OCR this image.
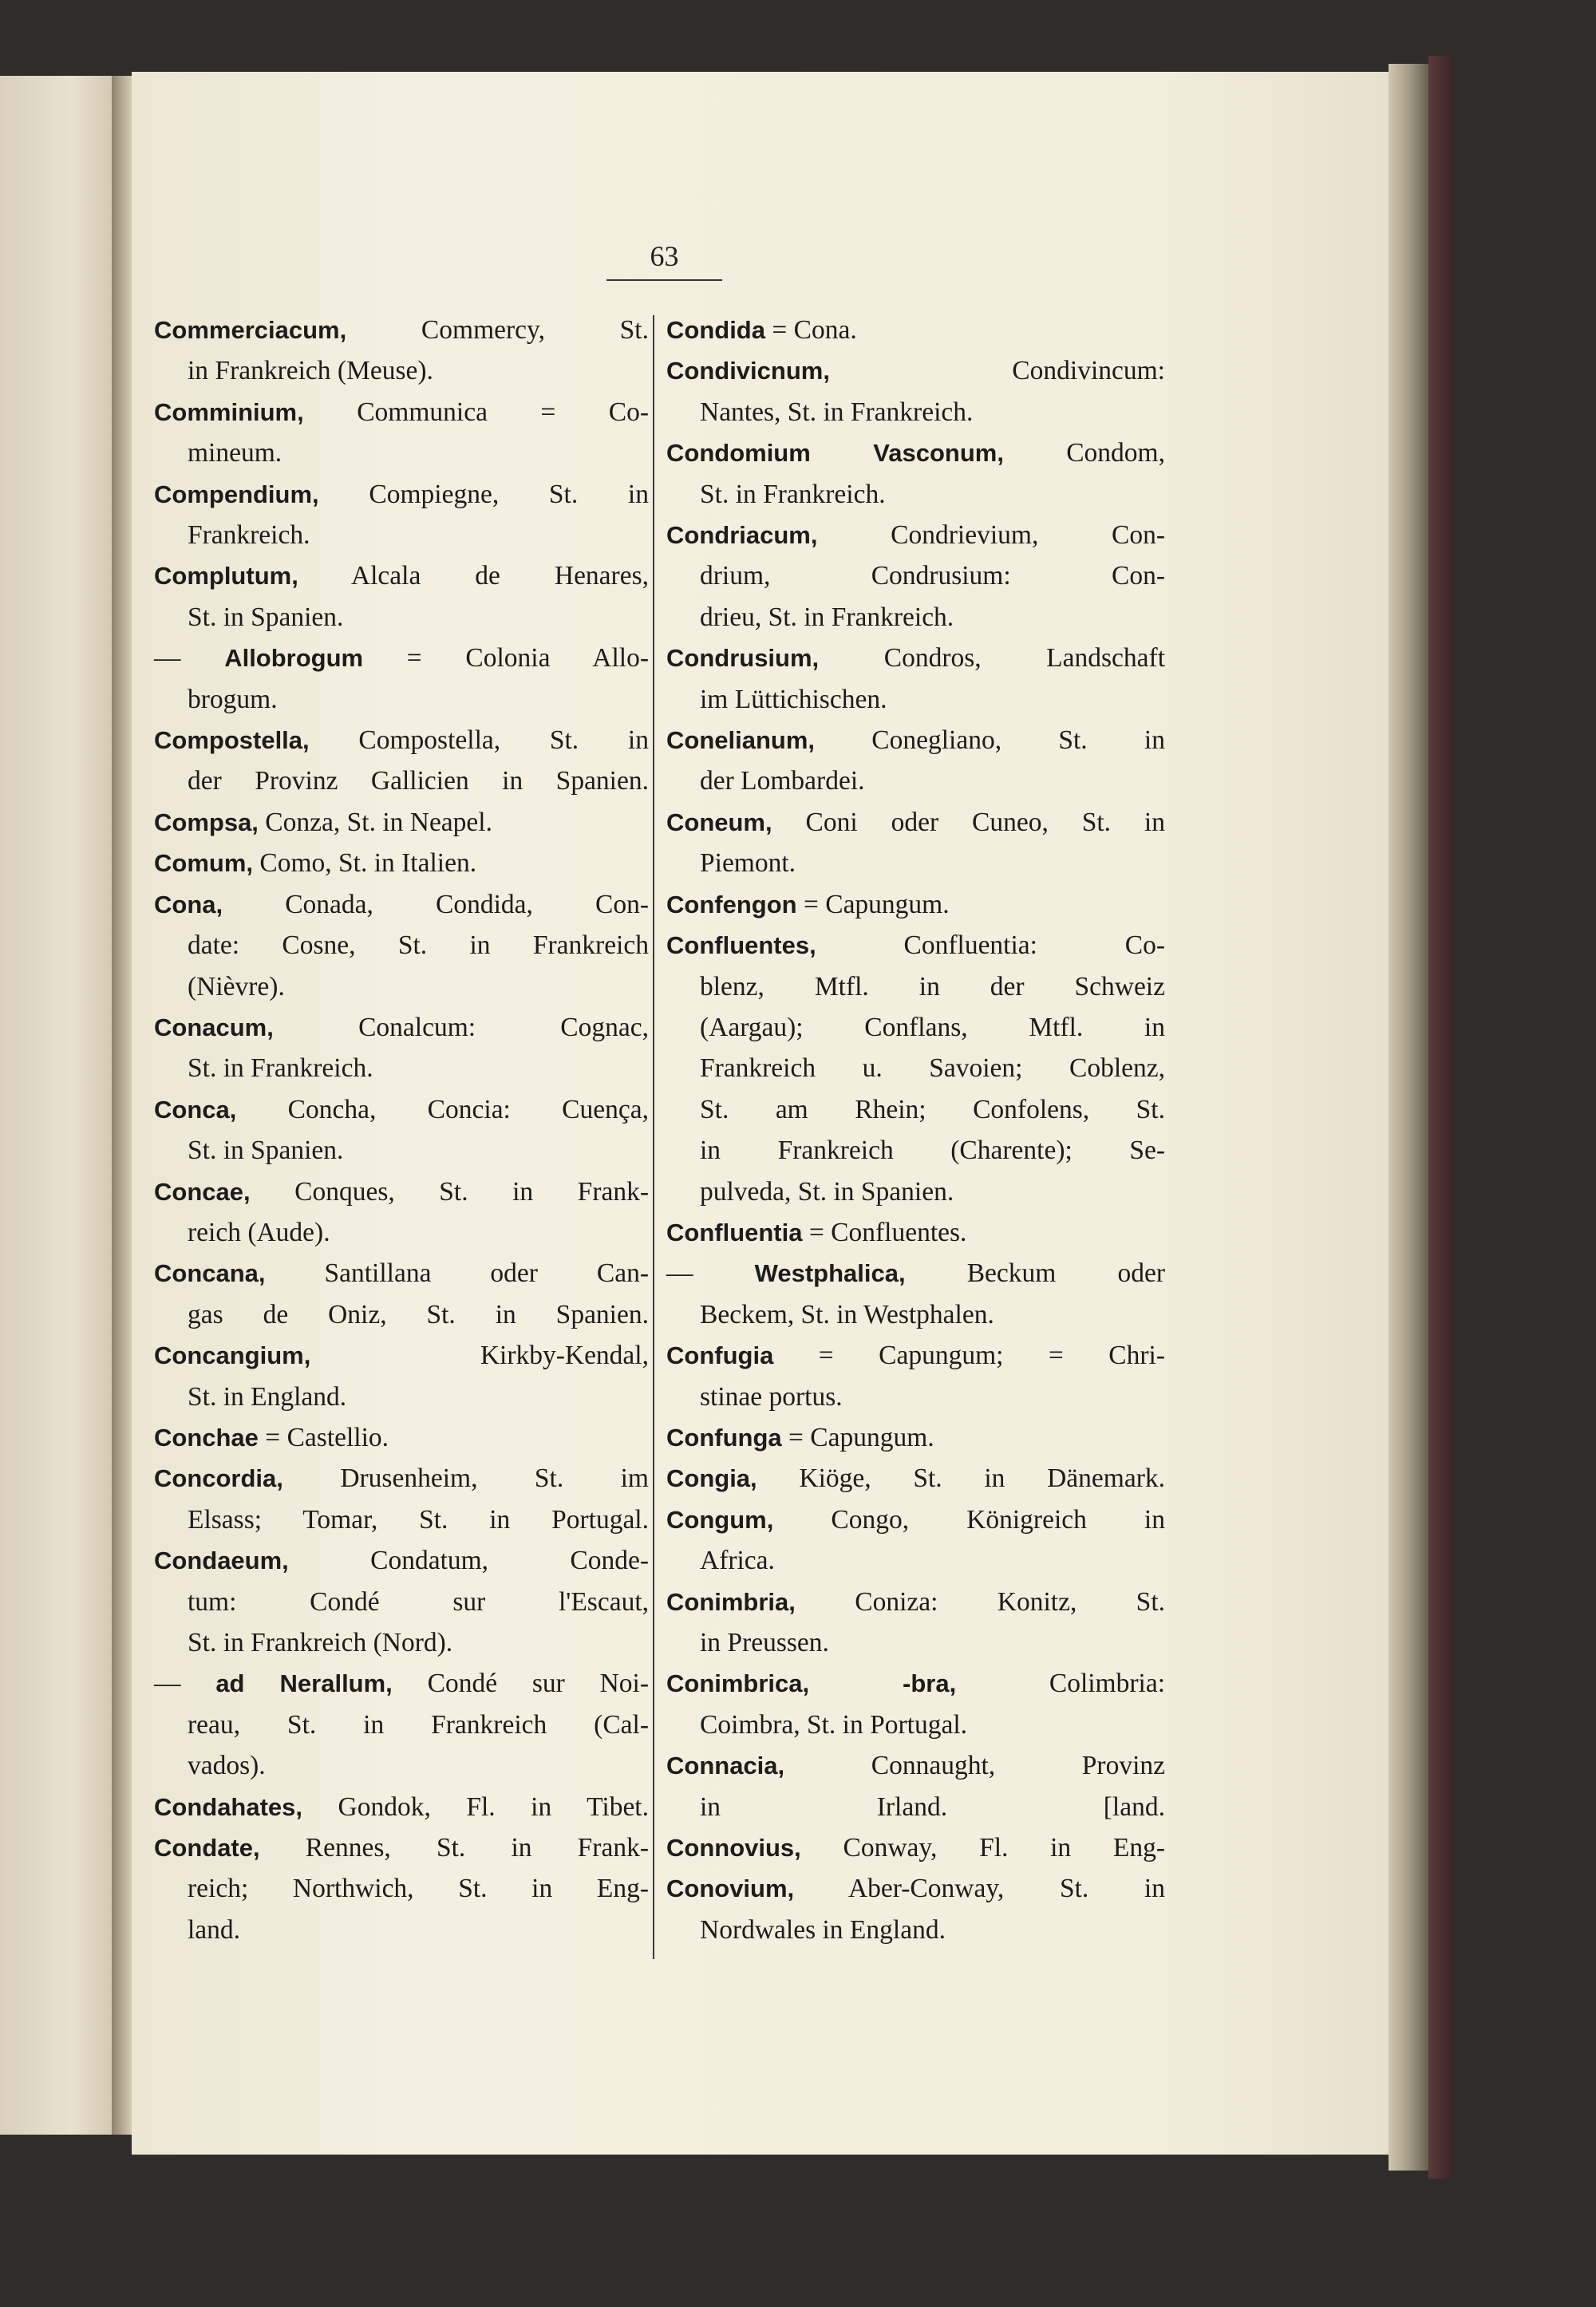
63
Commerciacum, Commercy, St.
in Frankreich (Meuse).
Comminium, Communica = Co-
mineum.
Compendium, Compiegne, St. in
Frankreich.
Complutum, Alcala de Henares,
St. in Spanien.
— Allobrogum = Colonia Allo-
brogum.
Compostella, Compostella, St. in
der Provinz Gallicien in Spanien.
Compsa, Conza, St. in Neapel.
Comum, Como, St. in Italien.
Cona, Conada, Condida, Con-
date: Cosne, St. in Frankreich
(Nièvre).
Conacum, Conalcum: Cognac,
St. in Frankreich.
Conca, Concha, Concia: Cuença,
St. in Spanien.
Concae, Conques, St. in Frank-
reich (Aude).
Concana, Santillana oder Can-
gas de Oniz, St. in Spanien.
Concangium, Kirkby-Kendal,
St. in England.
Conchae = Castellio.
Concordia, Drusenheim, St. im
Elsass; Tomar, St. in Portugal.
Condaeum, Condatum, Conde-
tum: Condé sur l'Escaut,
St. in Frankreich (Nord).
— ad Nerallum, Condé sur Noi-
reau, St. in Frankreich (Cal-
vados).
Condahates, Gondok, Fl. in Tibet.
Condate, Rennes, St. in Frank-
reich; Northwich, St. in Eng-
land.
Condida = Cona.
Condivicnum, Condivincum:
Nantes, St. in Frankreich.
Condomium Vasconum, Condom,
St. in Frankreich.
Condriacum, Condrievium, Con-
drium, Condrusium: Con-
drieu, St. in Frankreich.
Condrusium, Condros, Landschaft
im Lüttichischen.
Conelianum, Conegliano, St. in
der Lombardei.
Coneum, Coni oder Cuneo, St. in
Piemont.
Confengon = Capungum.
Confluentes, Confluentia: Co-
blenz, Mtfl. in der Schweiz
(Aargau); Conflans, Mtfl. in
Frankreich u. Savoien; Coblenz,
St. am Rhein; Confolens, St.
in Frankreich (Charente); Se-
pulveda, St. in Spanien.
Confluentia = Confluentes.
— Westphalica, Beckum oder
Beckem, St. in Westphalen.
Confugia = Capungum; = Chri-
stinae portus.
Confunga = Capungum.
Congia, Kiöge, St. in Dänemark.
Congum, Congo, Königreich in
Africa.
Conimbria, Coniza: Konitz, St.
in Preussen.
Conimbrica, -bra, Colimbria:
Coimbra, St. in Portugal.
Connacia, Connaught, Provinz
in Irland. [land.
Connovius, Conway, Fl. in Eng-
Conovium, Aber-Conway, St. in
Nordwales in England.
